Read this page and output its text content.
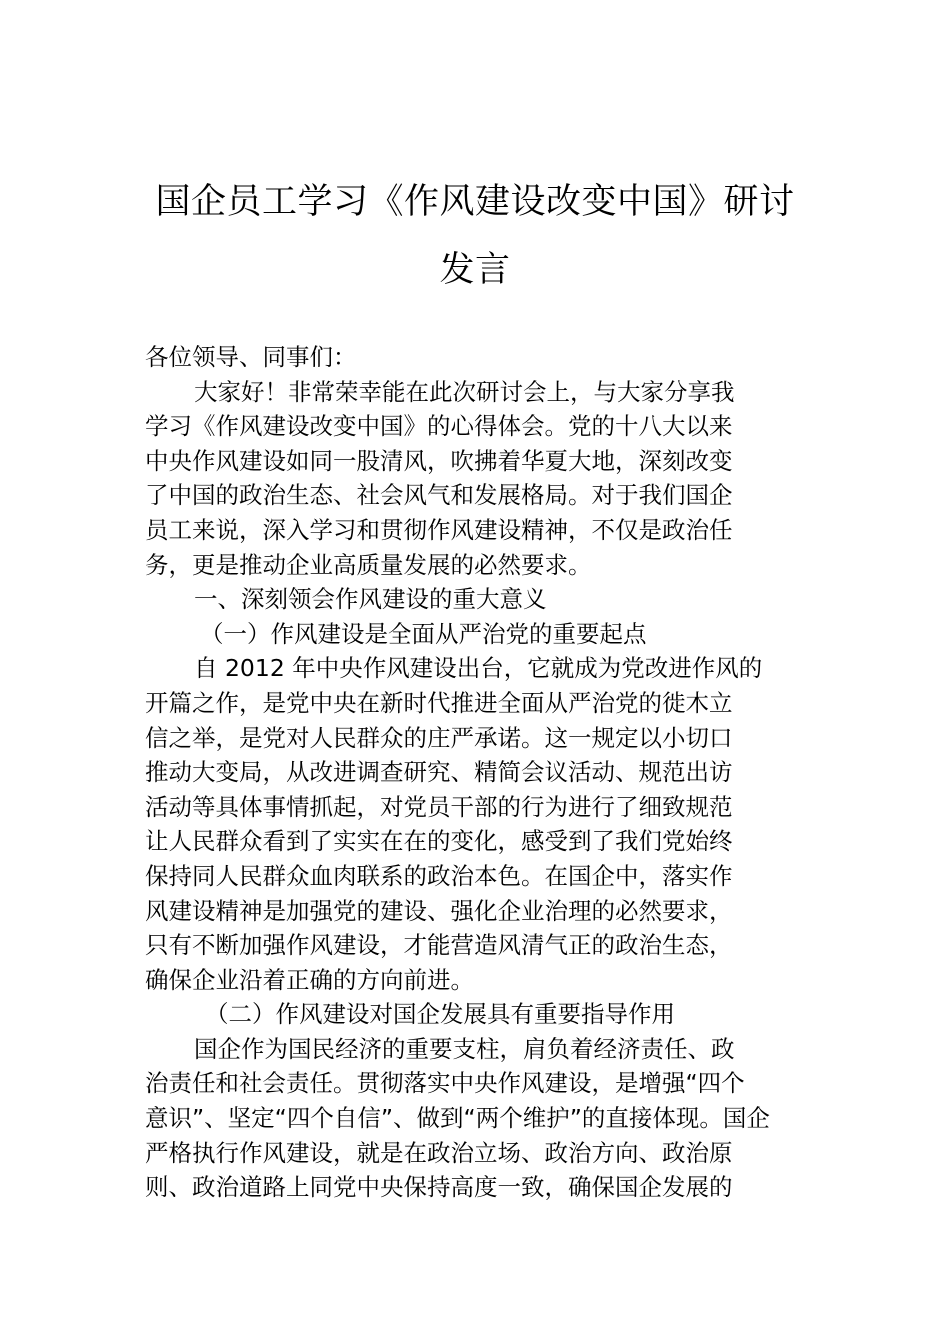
国企员工学习《作风建设改变中国》研讨
发言
各位领导、同事们：
大家好！非常荣幸能在此次研讨会上，与大家分享我
学习《作风建设改变中国》的心得体会。党的十八大以来
中央作风建设如同一股清风，吹拂着华夏大地，深刻改变
了中国的政治生态、社会风气和发展格局。对于我们国企
员工来说，深入学习和贯彻作风建设精神，不仅是政治任
务，更是推动企业高质量发展的必然要求。
一、深刻领会作风建设的重大意义
（一）作风建设是全面从严治党的重要起点
自 2012 年中央作风建设出台，它就成为党改进作风的
开篇之作，是党中央在新时代推进全面从严治党的徙木立
信之举，是党对人民群众的庄严承诺。这一规定以小切口
推动大变局，从改进调查研究、精简会议活动、规范出访
活动等具体事情抓起，对党员干部的行为进行了细致规范
让人民群众看到了实实在在的变化，感受到了我们党始终
保持同人民群众血肉联系的政治本色。在国企中，落实作
风建设精神是加强党的建设、强化企业治理的必然要求，
只有不断加强作风建设，才能营造风清气正的政治生态，
确保企业沿着正确的方向前进。
（二）作风建设对国企发展具有重要指导作用
国企作为国民经济的重要支柱，肩负着经济责任、政
治责任和社会责任。贯彻落实中央作风建设，是增强“四个
意识”、坚定“四个自信”、做到“两个维护”的直接体现。国企
严格执行作风建设，就是在政治立场、政治方向、政治原
则、政治道路上同党中央保持高度一致，确保国企发展的
